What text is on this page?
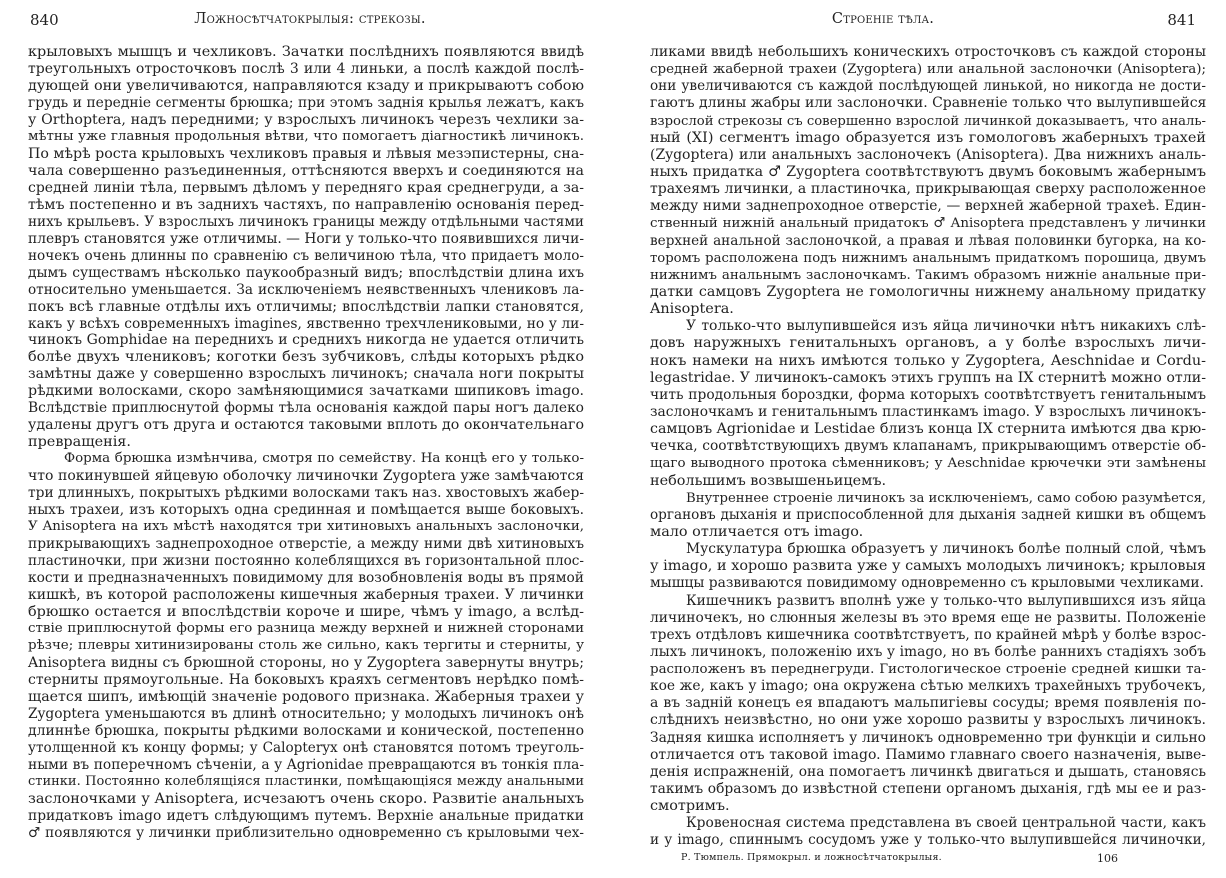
840	Ложносѣтчатокрылыя: стрекозы.
крыловыхъ мышцъ и чехликовъ. Зачатки послѣднихъ появляются ввидѣ
треугольныхъ отросточковъ послѣ 3 или 4 линьки, а послѣ каждой послѣ-
дующей они увеличиваются, направляются кзаду и прикрываютъ собою
грудь и передніе сегменты брюшка; при этомъ заднія крылья лежатъ, какъ
у Orthoptera, надъ передними; у взрослыхъ личинокъ черезъ чехлики за-
мѣтны уже главныя продольныя вѣтви, что помогаетъ діагностикѣ личинокъ.
По мѣрѣ роста крыловыхъ чехликовъ правыя и лѣвыя мезэпистерны, сна-
чала совершенно разъединенныя, оттѣсняются вверхъ и соединяются на
средней линіи тѣла, первымъ дѣломъ у передняго края среднегруди, а за-
тѣмъ постепенно и въ заднихъ частяхъ, по направленію основанія перед-
нихъ крыльевъ. У взрослыхъ личинокъ границы между отдѣльными частями
плевръ становятся уже отличимы. — Ноги у только-что появившихся личи-
ночекъ очень длинны по сравненію съ величиною тѣла, что придаетъ моло-
дымъ существамъ нѣсколько паукообразный видъ; впослѣдствіи длина ихъ
относительно уменьшается. За исключеніемъ неявственныхъ члениковъ ла-
покъ всѣ главные отдѣлы ихъ отличимы; впослѣдствіи лапки становятся,
какъ у всѣхъ современныхъ imagines, явственно трехчлениковыми, но у ли-
чинокъ Gomphidae на переднихъ и среднихъ никогда не удается отличить
болѣе двухъ члениковъ; коготки безъ зубчиковъ, слѣды которыхъ рѣдко
замѣтны даже у совершенно взрослыхъ личинокъ; сначала ноги покрыты
рѣдкими волосками, скоро замѣняющимися зачатками шипиковъ imago.
Вслѣдствіе приплюснутой формы тѣла основанія каждой пары ногъ далеко
удалены другъ отъ друга и остаются таковыми вплоть до окончательнаго
превращенія.
Форма брюшка измѣнчива, смотря по семейству. На концѣ его у только-
что покинувшей яйцевую оболочку личиночки Zygoptera уже замѣчаются
три длинныхъ, покрытыхъ рѣдкими волосками такъ наз. хвостовыхъ жабер-
ныхъ трахеи, изъ которыхъ одна срединная и помѣщается выше боковыхъ.
У Anisoptera на ихъ мѣстѣ находятся три хитиновыхъ анальныхъ заслоночки,
прикрывающихъ заднепроходное отверстіе, а между ними двѣ хитиновыхъ
пластиночки, при жизни постоянно колеблящихся въ горизонтальной плос-
кости и предназначенныхъ повидимому для возобновленія воды въ прямой
кишкѣ, въ которой расположены кишечныя жаберныя трахеи. У личинки
брюшко остается и впослѣдствіи короче и шире, чѣмъ у imago, а вслѣд-
ствіе приплюснутой формы его разница между верхней и нижней сторонами
рѣзче; плевры хитинизированы столь же сильно, какъ тергиты и стерниты, у
Anisoptera видны съ брюшной стороны, но у Zygoptera завернуты внутрь;
стерниты прямоугольные. На боковыхъ краяхъ сегментовъ нерѣдко помѣ-
щается шипъ, имѣющій значеніе родового признака. Жаберныя трахеи у
Zygoptera уменьшаются въ длинѣ относительно; у молодыхъ личинокъ онѣ
длиннѣе брюшка, покрыты рѣдкими волосками и конической, постепенно
утолщенной къ концу формы; у Calopteryx онѣ становятся потомъ треуголь-
ными въ поперечномъ сѣченіи, а у Agrionidae превращаются въ тонкія пла-
стинки. Постоянно колеблящіяся пластинки, помѣщающіяся между анальными
заслоночками у Anisoptera, исчезаютъ очень скоро. Развитіе анальныхъ
придатковъ imago идетъ слѣдующимъ путемъ. Верхніе анальные придатки
♂ появляются у личинки приблизительно одновременно съ крыловыми чех-
Строеніе тѣла.	841
ликами ввидѣ небольшихъ коническихъ отросточковъ съ каждой стороны
средней жаберной трахеи (Zygoptera) или анальной заслоночки (Anisoptera);
они увеличиваются съ каждой послѣдующей линькой, но никогда не дости-
гаютъ длины жабры или заслоночки. Сравненіе только что вылупившейся
взрослой стрекозы съ совершенно взрослой личинкой доказываетъ, что аналь-
ный (XI) сегментъ imago образуется изъ гомологовъ жаберныхъ трахей
(Zygoptera) или анальныхъ заслоночекъ (Anisoptera). Два нижнихъ аналь-
ныхъ придатка ♂ Zygoptera соотвѣтствуютъ двумъ боковымъ жабернымъ
трахеямъ личинки, а пластиночка, прикрывающая сверху расположенное
между ними заднепроходное отверстіе, — верхней жаберной трахеѣ. Един-
ственный нижній анальный придатокъ ♂ Anisoptera представленъ у личинки
верхней анальной заслоночкой, а правая и лѣвая половинки бугорка, на ко-
торомъ расположена подъ нижнимъ анальнымъ придаткомъ порошица, двумъ
нижнимъ анальнымъ заслоночкамъ. Такимъ образомъ нижніе анальные при-
датки самцовъ Zygoptera не гомологичны нижнему анальному придатку
Anisoptera.
У только-что вылупившейся изъ яйца личиночки нѣтъ никакихъ слѣ-
довъ наружныхъ генитальныхъ органовъ, а у болѣе взрослыхъ личи-
нокъ намеки на нихъ имѣются только у Zygoptera, Aeschnidae и Cordu-
legastridae. У личинокъ-самокъ этихъ группъ на IX стернитѣ можно отли-
чить продольныя бороздки, форма которыхъ соотвѣтствуетъ генитальнымъ
заслоночкамъ и генитальнымъ пластинкамъ imago. У взрослыхъ личинокъ-
самцовъ Agrionidae и Lestidae близъ конца IX стернита имѣются два крю-
чечка, соотвѣтствующихъ двумъ клапанамъ, прикрывающимъ отверстіе об-
щаго выводного протока сѣменниковъ; у Aeschnidae крючечки эти замѣнены
небольшимъ возвышеньицемъ.
Внутреннее строеніе личинокъ за исключеніемъ, само собою разумѣется,
органовъ дыханія и приспособленной для дыханія задней кишки въ общемъ
мало отличается отъ imago.
Мускулатура брюшка образуетъ у личинокъ болѣе полный слой, чѣмъ
у imago, и хорошо развита уже у самыхъ молодыхъ личинокъ; крыловыя
мышцы развиваются повидимому одновременно съ крыловыми чехликами.
Кишечникъ развитъ вполнѣ уже у только-что вылупившихся изъ яйца
личиночекъ, но слюнныя железы въ это время еще не развиты. Положеніе
трехъ отдѣловъ кишечника соотвѣтствуетъ, по крайней мѣрѣ у болѣе взрос-
лыхъ личинокъ, положенію ихъ у imago, но въ болѣе раннихъ стадіяхъ зобъ
расположенъ въ переднегруди. Гистологическое строеніе средней кишки та-
кое же, какъ у imago; она окружена сѣтью мелкихъ трахейныхъ трубочекъ,
а въ задній конецъ ея впадаютъ мальпигіевы сосуды; время появленія по-
слѣднихъ неизвѣстно, но они уже хорошо развиты у взрослыхъ личинокъ.
Задняя кишка исполняетъ у личинокъ одновременно три функціи и сильно
отличается отъ таковой imago. Памимо главнаго своего назначенія, выве-
денія испражненій, она помогаетъ личинкѣ двигаться и дышать, становясь
такимъ образомъ до извѣстной степени органомъ дыханія, гдѣ мы ее и раз-
смотримъ.
Кровеносная система представлена въ своей центральной части, какъ
и у imago, спиннымъ сосудомъ уже у только-что вылупившейся личиночки,
Р. Тюмпель. Прямокрыл. и ложносѣтчатокрылыя.	106
